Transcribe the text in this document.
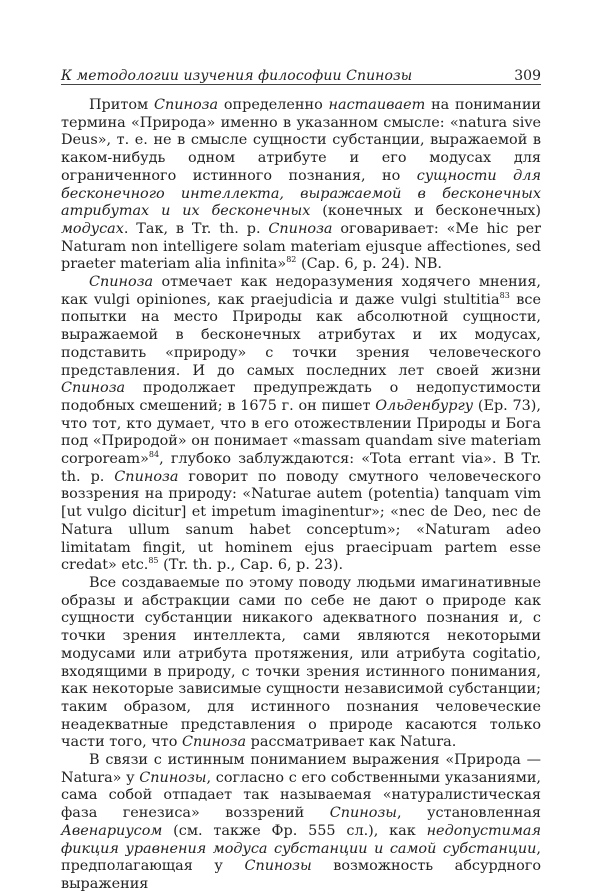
К методологии изучения философии Спинозы	309

Притом Спиноза определенно настаивает на понимании термина «Природа» именно в указанном смысле: «natura sive Deus», т. е. не в смысле сущности субстанции, выражаемой в каком-нибудь одном атрибуте и его модусах для ограниченного истинного познания, но сущности для бесконечного интеллекта, выражаемой в бесконечных атрибутах и их бесконечных (конечных и бесконечных) модусах. Так, в Tr. th. p. Спиноза оговаривает: «Me hic per Naturam non intelligere solam materiam ejusque affectiones, sed praeter materiam alia infinita»$^{82}$ (Cap. 6, p. 24). NB.

Спиноза отмечает как недоразумения ходячего мнения, как vulgi opiniones, как praejudicia и даже vulgi stultitia$^{83}$ все попытки на место Природы как абсолютной сущности, выражаемой в бесконечных атрибутах и их модусах, подставить «природу» с точки зрения человеческого представления. И до самых последних лет своей жизни Спиноза продолжает предупреждать о недопустимости подобных смешений; в 1675 г. он пишет Ольденбургу (Ep. 73), что тот, кто думает, что в его отожествлении Природы и Бога под «Природой» он понимает «massam quandam sive materiam corpoream»$^{84}$, глубоко заблуждаются: «Tota errant via». В Tr. th. p. Спиноза говорит по поводу смутного человеческого воззрения на природу: «Naturae autem (potentia) tanquam vim [ut vulgo dicitur] et impetum imaginentur»; «nec de Deo, nec de Natura ullum sanum habet conceptum»; «Naturam adeo limitatam fingit, ut hominem ejus praecipuam partem esse credat» etc.$^{85}$ (Tr. th. p., Cap. 6, p. 23).

Все создаваемые по этому поводу людьми имагинативные образы и абстракции сами по себе не дают о природе как сущности субстанции никакого адекватного познания и, с точки зрения интеллекта, сами являются некоторыми модусами или атрибута протяжения, или атрибута cogitatio, входящими в природу, с точки зрения истинного понимания, как некоторые зависимые сущности независимой субстанции; таким образом, для истинного познания человеческие неадекватные представления о природе касаются только части того, что Спиноза рассматривает как Natura.

В связи с истинным пониманием выражения «Природа — Natura» у Спинозы, согласно с его собственными указаниями, сама собой отпадает так называемая «натуралистическая фаза генезиса» воззрений Спинозы, установленная Авенариусом (см. также Фр. 555 сл.), как недопустимая фикция уравнения модуса субстанции и самой субстанции, предполагающая у Спинозы возможность абсурдного выражения
